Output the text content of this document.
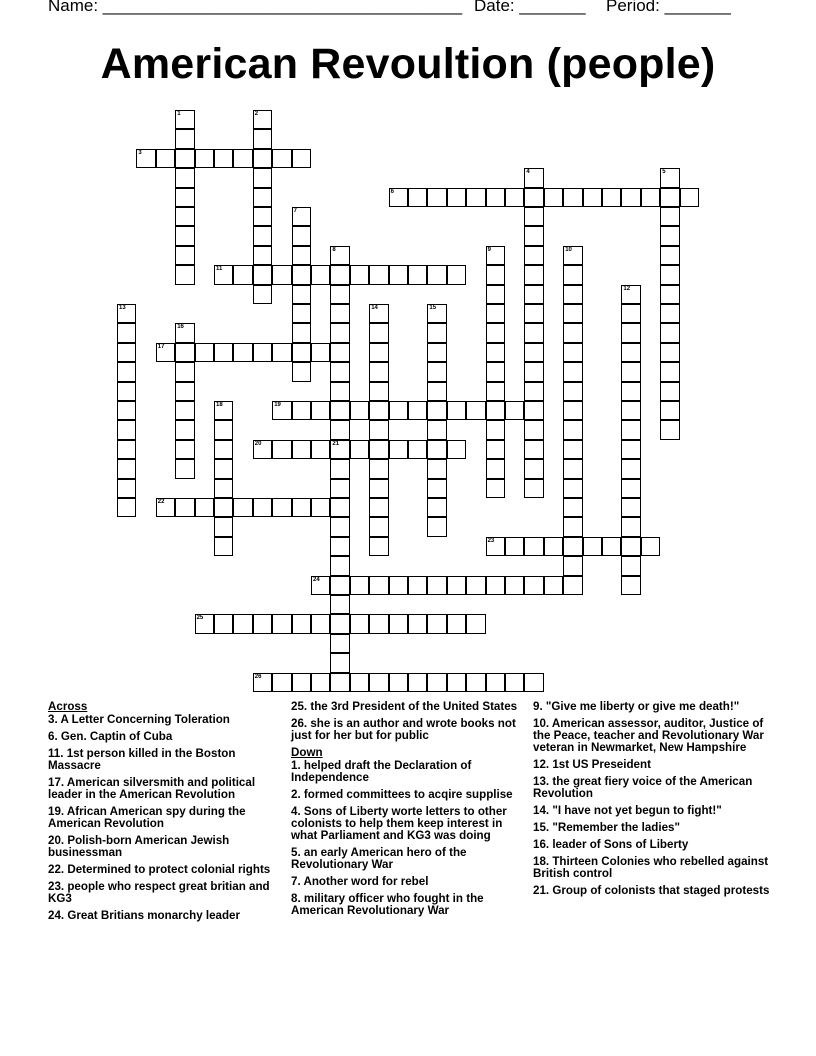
Name: ______________________________________ Date: _______ Period: _______
American Revoultion (people)
1	2
3
4	5
6
7
8	9	10
11
12
13	14	15
16
17
18	19
20	21
22
23
24
25
26
Across
3. A Letter Concerning Toleration
6. Gen. Captin of Cuba
11. 1st person killed in the Boston Massacre
17. American silversmith and political leader in the American Revolution
19. African American spy during the American Revolution
20. Polish-born American Jewish businessman
22. Determined to protect colonial rights
23. people who respect great britian and KG3
24. Great Britians monarchy leader
25. the 3rd President of the United States
26. she is an author and wrote books not just for her but for public
Down
1. helped draft the Declaration of Independence
2. formed committees to acqire supplise
4. Sons of Liberty worte letters to other colonists to help them keep interest in what Parliament and KG3 was doing
5. an early American hero of the Revolutionary War
7. Another word for rebel
8. military officer who fought in the American Revolutionary War
9. "Give me liberty or give me death!"
10. American assessor, auditor, Justice of the Peace, teacher and Revolutionary War veteran in Newmarket, New Hampshire
12. 1st US Preseident
13. the great fiery voice of the American Revolution
14. "I have not yet begun to fight!"
15. "Remember the ladies"
16. leader of Sons of Liberty
18. Thirteen Colonies who rebelled against British control
21. Group of colonists that staged protests
